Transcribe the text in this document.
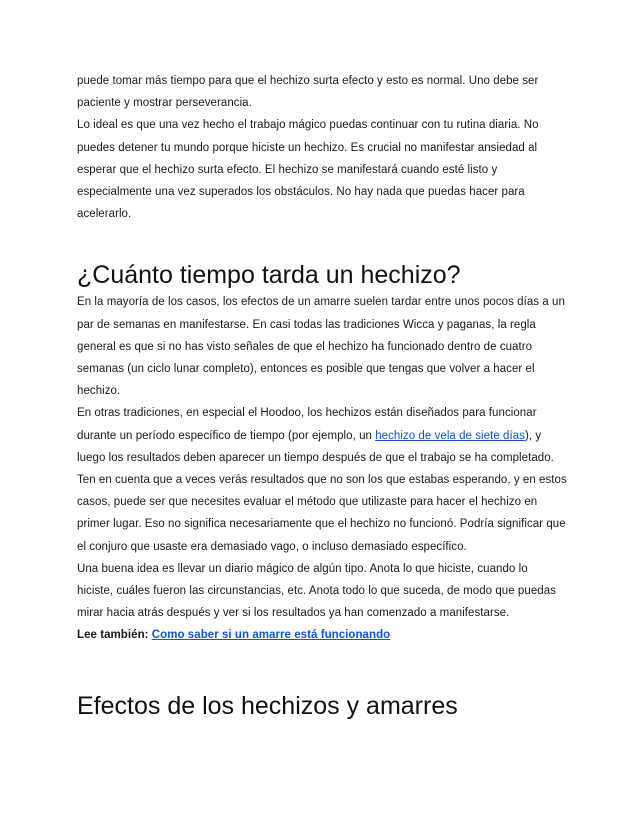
puede tomar más tiempo para que el hechizo surta efecto y esto es normal. Uno debe ser paciente y mostrar perseverancia.

Lo ideal es que una vez hecho el trabajo mágico puedas continuar con tu rutina diaria. No puedes detener tu mundo porque hiciste un hechizo. Es crucial no manifestar ansiedad al esperar que el hechizo surta efecto. El hechizo se manifestará cuando esté listo y especialmente una vez superados los obstáculos. No hay nada que puedas hacer para acelerarlo.

¿Cuánto tiempo tarda un hechizo?

En la mayoría de los casos, los efectos de un amarre suelen tardar entre unos pocos días a un par de semanas en manifestarse. En casi todas las tradiciones Wicca y paganas, la regla general es que si no has visto señales de que el hechizo ha funcionado dentro de cuatro semanas (un ciclo lunar completo), entonces es posible que tengas que volver a hacer el hechizo.

En otras tradiciones, en especial el Hoodoo, los hechizos están diseñados para funcionar durante un período específico de tiempo (por ejemplo, un hechizo de vela de siete días), y luego los resultados deben aparecer un tiempo después de que el trabajo se ha completado.

Ten en cuenta que a veces verás resultados que no son los que estabas esperando, y en estos casos, puede ser que necesites evaluar el método que utilizaste para hacer el hechizo en primer lugar. Eso no significa necesariamente que el hechizo no funcionó. Podría significar que el conjuro que usaste era demasiado vago, o incluso demasiado específico.

Una buena idea es llevar un diario mágico de algún tipo. Anota lo que hiciste, cuando lo hiciste, cuáles fueron las circunstancias, etc. Anota todo lo que suceda, de modo que puedas mirar hacia atrás después y ver si los resultados ya han comenzado a manifestarse.

Lee también: Como saber si un amarre está funcionando

Efectos de los hechizos y amarres
